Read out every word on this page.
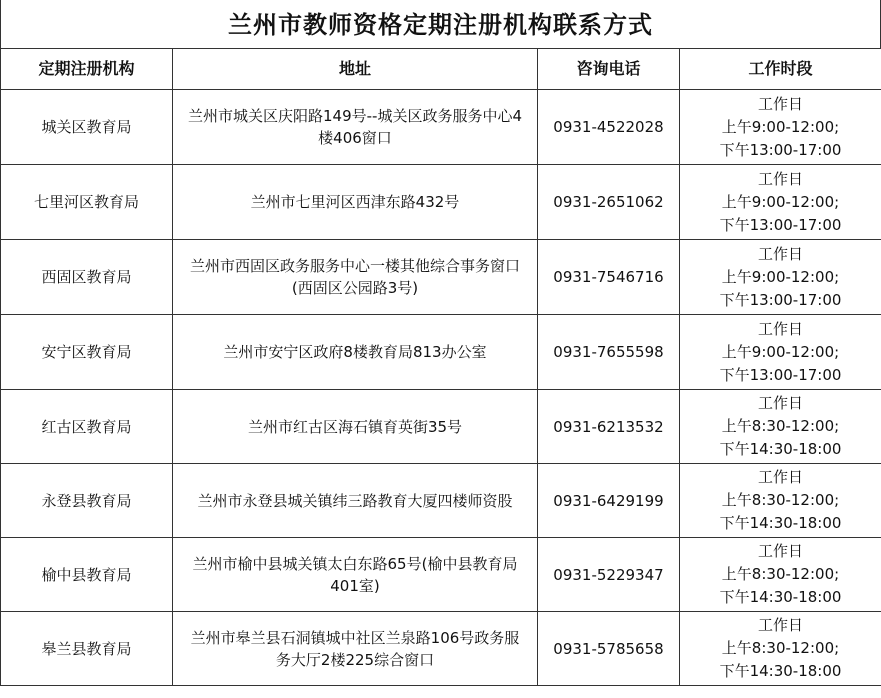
兰州市教师资格定期注册机构联系方式
定期注册机构	地址	咨询电话	工作时段
城关区教育局	兰州市城关区庆阳路149号--城关区政务服务中心4楼406窗口	0931-4522028	工作日
上午9:00-12:00;
下午13:00-17:00

七里河区教育局	兰州市七里河区西津东路432号	0931-2651062	工作日
上午9:00-12:00;
下午13:00-17:00

西固区教育局	兰州市西固区政务服务中心一楼其他综合事务窗口(西固区公园路3号)	0931-7546716	工作日
上午9:00-12:00;
下午13:00-17:00

安宁区教育局	兰州市安宁区政府8楼教育局813办公室	0931-7655598	工作日
上午9:00-12:00;
下午13:00-17:00

红古区教育局	兰州市红古区海石镇育英街35号	0931-6213532	工作日
上午8:30-12:00;
下午14:30-18:00

永登县教育局	兰州市永登县城关镇纬三路教育大厦四楼师资股	0931-6429199	工作日
上午8:30-12:00;
下午14:30-18:00

榆中县教育局	兰州市榆中县城关镇太白东路65号(榆中县教育局401室)	0931-5229347	工作日
上午8:30-12:00;
下午14:30-18:00

皋兰县教育局	兰州市皋兰县石洞镇城中社区兰泉路106号政务服务大厅2楼225综合窗口	0931-5785658	工作日
上午8:30-12:00;
下午14:30-18:00
